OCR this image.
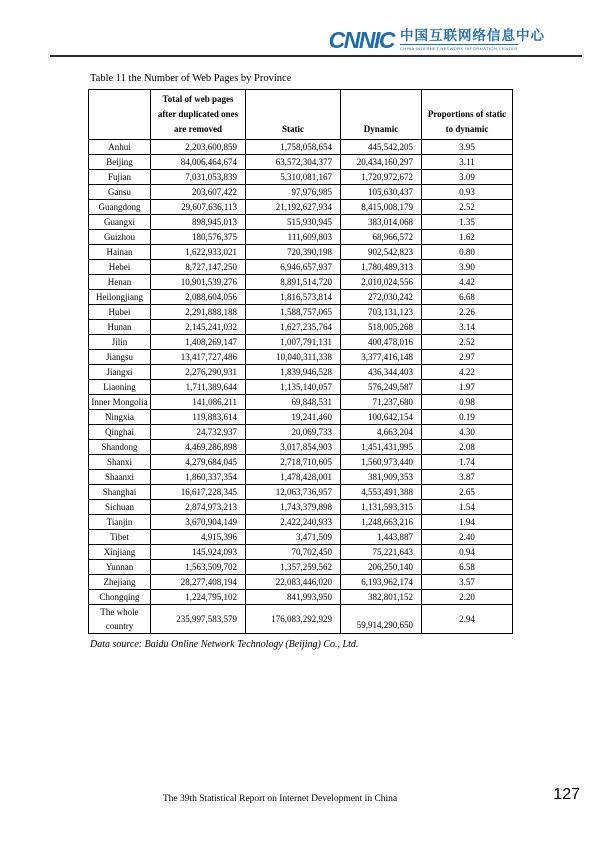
CNNIC 中国互联网络信息中心
CHINA INTERNET NETWORK INFORMATION CENTER

Table 11 the Number of Web Pages by Province

	Total of web pages after duplicated ones are removed	Static	Dynamic	Proportions of static to dynamic
Anhui	2,203,600,859	1,758,058,654	445,542,205	3.95
Beijing	84,006,464,674	63,572,304,377	20,434,160,297	3.11
Fujian	7,031,053,839	5,310,081,167	1,720,972,672	3.09
Gansu	203,607,422	97,976,985	105,630,437	0.93
Guangdong	29,607,636,113	21,192,627,934	8,415,008,179	2.52
Guangxi	898,945,013	515,930,945	383,014,068	1.35
Guizhou	180,576,375	111,609,803	68,966,572	1.62
Hainan	1,622,933,021	720,390,198	902,542,823	0.80
Hebei	8,727,147,250	6,946,657,937	1,780,489,313	3.90
Henan	10,901,539,276	8,891,514,720	2,010,024,556	4.42
Heilongjiang	2,088,604,056	1,816,573,814	272,030,242	6.68
Hubei	2,291,888,188	1,588,757,065	703,131,123	2.26
Hunan	2,145,241,032	1,627,235,764	518,005,268	3.14
Jilin	1,408,269,147	1,007,791,131	400,478,016	2.52
Jiangsu	13,417,727,486	10,040,311,338	3,377,416,148	2.97
Jiangxi	2,276,290,931	1,839,946,528	436,344,403	4.22
Liaoning	1,711,389,644	1,135,140,057	576,249,587	1.97
Inner Mongolia	141,086,211	69,848,531	71,237,680	0.98
Ningxia	119,883,614	19,241,460	100,642,154	0.19
Qinghai	24,732,937	20,069,733	4,663,204	4.30
Shandong	4,469,286,898	3,017,854,903	1,451,431,995	2.08
Shanxi	4,279,684,045	2,718,710,605	1,560,973,440	1.74
Shaanxi	1,860,337,354	1,478,428,001	381,909,353	3.87
Shanghai	16,617,228,345	12,063,736,957	4,553,491,388	2.65
Sichuan	2,874,973,213	1,743,379,898	1,131,593,315	1.54
Tianjin	3,670,904,149	2,422,240,933	1,248,663,216	1.94
Tibet	4,915,396	3,471,509	1,443,887	2.40
Xinjiang	145,924,093	70,702,450	75,221,643	0.94
Yunnan	1,563,509,702	1,357,259,562	206,250,140	6.58
Zhejiang	28,277,408,194	22,083,446,020	6,193,962,174	3.57
Chongqing	1,224,795,102	841,993,950	382,801,152	2.20
The whole country	235,997,583,579	176,083,292,929	59,914,290,650	2.94

Data source: Baidu Online Network Technology (Beijing) Co., Ltd.

The 39th Statistical Report on Internet Development in China	127
